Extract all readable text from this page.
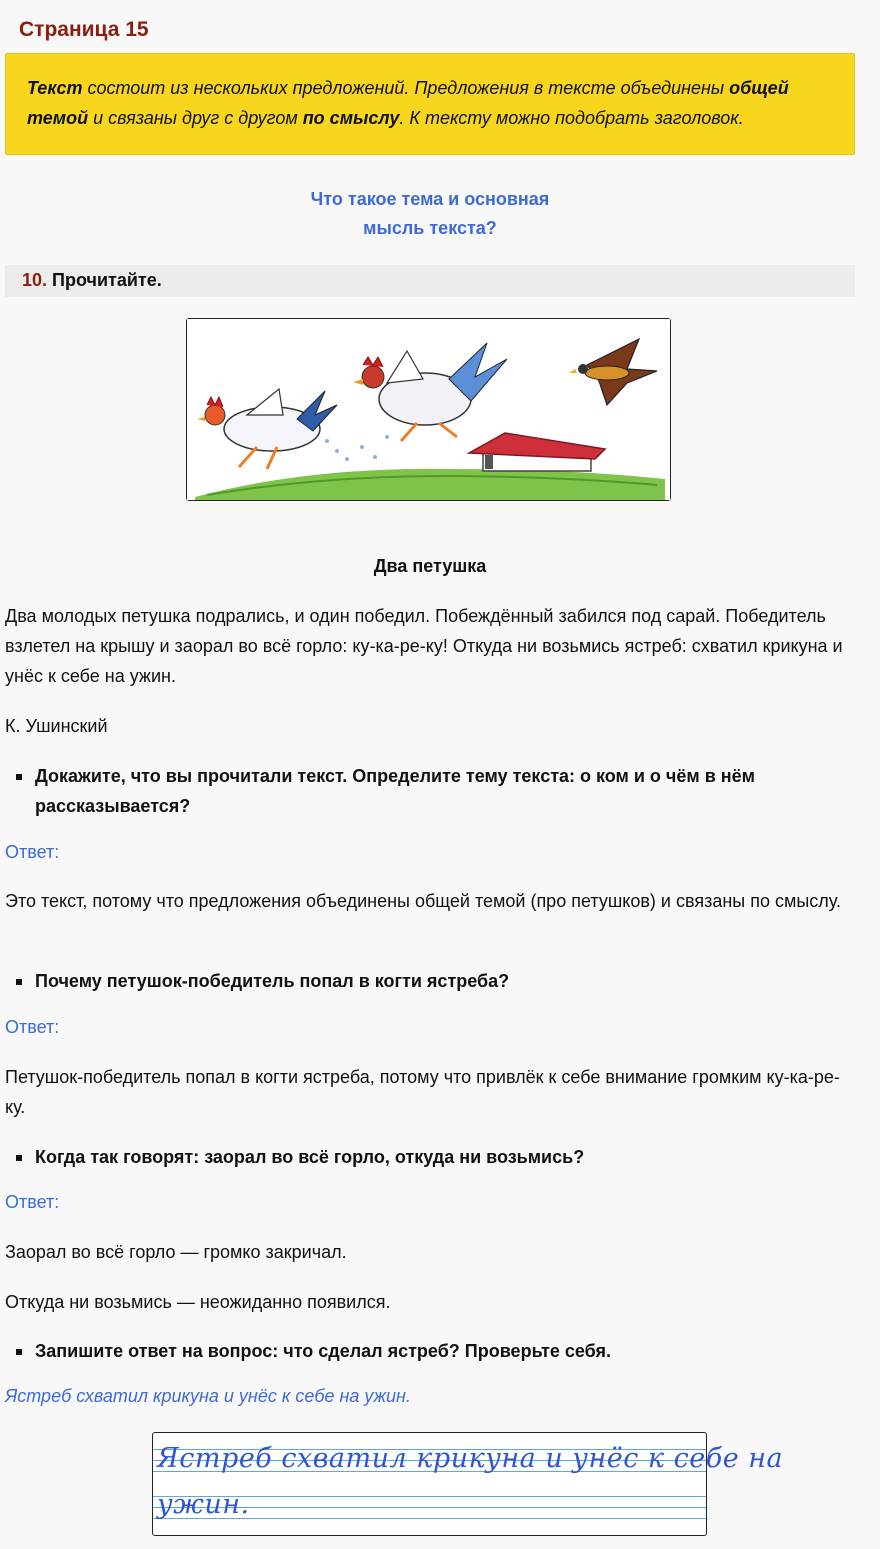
Страница 15
Текст состоит из нескольких предложений. Предложения в тексте объединены общей темой и связаны друг с другом по смыслу. К тексту можно подобрать заголовок.
Что такое тема и основная
мысль текста?
10. Прочитайте.
Два петушка
Два молодых петушка подрались, и один победил. Побеждённый забился под сарай. Победитель взлетел на крышу и заорал во всё горло: ку-ка-ре-ку! Откуда ни возьмись ястреб: схватил крикуна и унёс к себе на ужин.
К. Ушинский
Докажите, что вы прочитали текст. Определите тему текста: о ком и о чём в нём рассказывается?
Ответ:
Это текст, потому что предложения объединены общей темой (про петушков) и связаны по смыслу.
Почему петушок-победитель попал в когти ястреба?
Ответ:
Петушок-победитель попал в когти ястреба, потому что привлёк к себе внимание громким ку-ка-ре-ку.
Когда так говорят: заорал во всё горло, откуда ни возьмись?
Ответ:
Заорал во всё горло — громко закричал.
Откуда ни возьмись — неожиданно появился.
Запишите ответ на вопрос: что сделал ястреб? Проверьте себя.
Ястреб схватил крикуна и унёс к себе на ужин.
Ястреб схватил крикуна и унёс к себе на
ужин.
